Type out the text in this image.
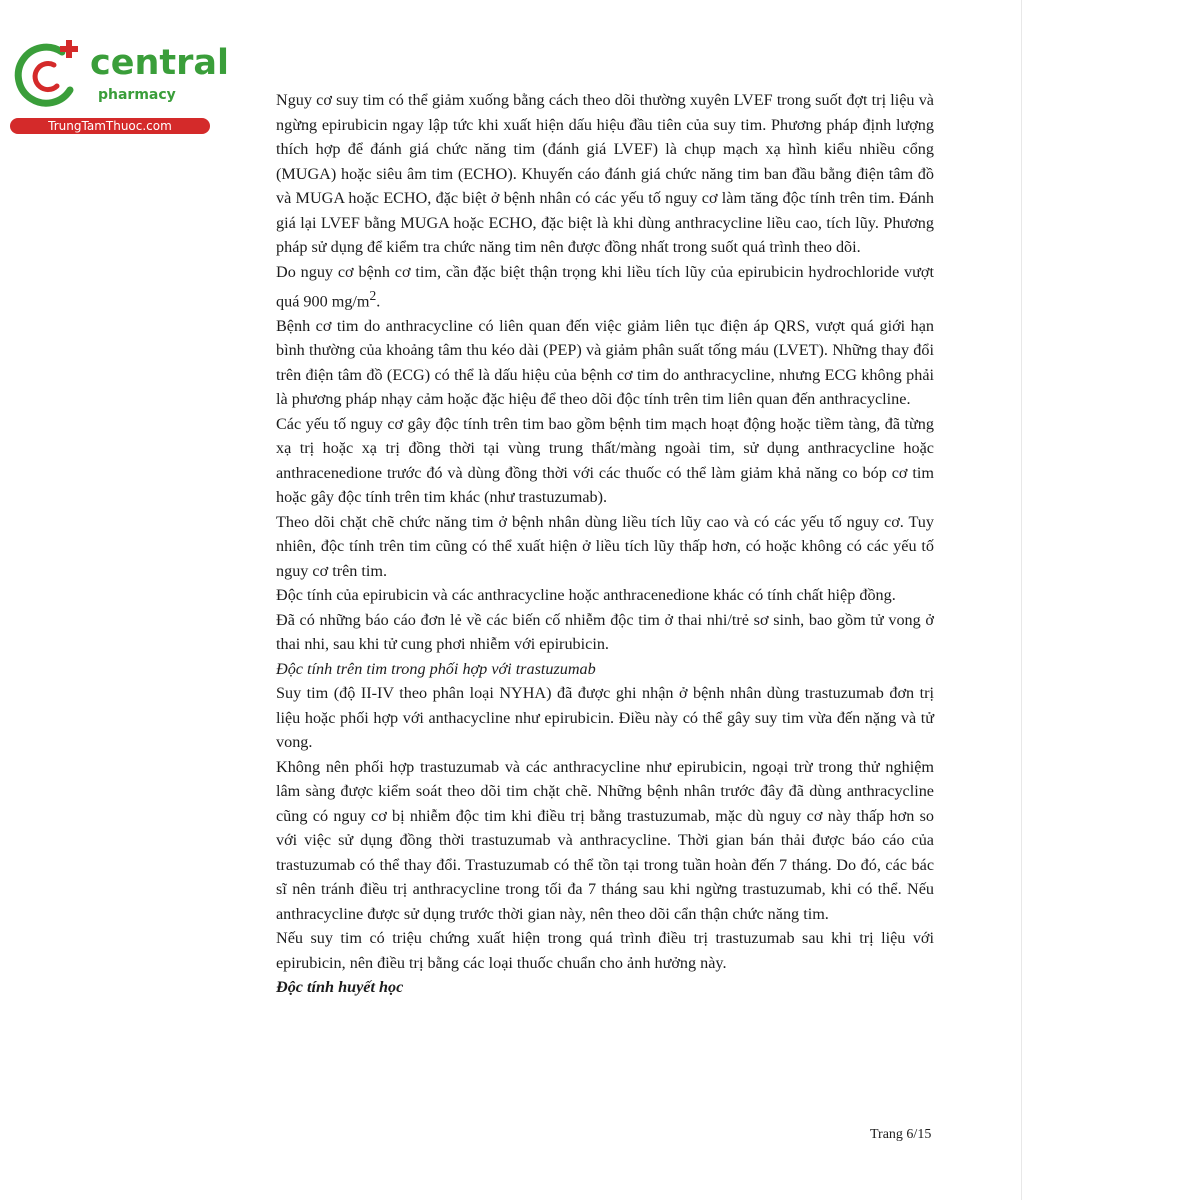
central
pharmacy
TrungTamThuoc.com

Nguy cơ suy tim có thể giảm xuống bằng cách theo dõi thường xuyên LVEF trong suốt đợt trị liệu và ngừng epirubicin ngay lập tức khi xuất hiện dấu hiệu đầu tiên của suy tim. Phương pháp định lượng thích hợp để đánh giá chức năng tim (đánh giá LVEF) là chụp mạch xạ hình kiểu nhiều cổng (MUGA) hoặc siêu âm tim (ECHO). Khuyến cáo đánh giá chức năng tim ban đầu bằng điện tâm đồ và MUGA hoặc ECHO, đặc biệt ở bệnh nhân có các yếu tố nguy cơ làm tăng độc tính trên tim. Đánh giá lại LVEF bằng MUGA hoặc ECHO, đặc biệt là khi dùng anthracycline liều cao, tích lũy. Phương pháp sử dụng để kiểm tra chức năng tim nên được đồng nhất trong suốt quá trình theo dõi.

Do nguy cơ bệnh cơ tim, cần đặc biệt thận trọng khi liều tích lũy của epirubicin hydrochloride vượt quá 900 $mg/m^2$.

Bệnh cơ tim do anthracycline có liên quan đến việc giảm liên tục điện áp QRS, vượt quá giới hạn bình thường của khoảng tâm thu kéo dài (PEP) và giảm phân suất tống máu (LVET). Những thay đổi trên điện tâm đồ (ECG) có thể là dấu hiệu của bệnh cơ tim do anthracycline, nhưng ECG không phải là phương pháp nhạy cảm hoặc đặc hiệu để theo dõi độc tính trên tim liên quan đến anthracycline.

Các yếu tố nguy cơ gây độc tính trên tim bao gồm bệnh tim mạch hoạt động hoặc tiềm tàng, đã từng xạ trị hoặc xạ trị đồng thời tại vùng trung thất/màng ngoài tim, sử dụng anthracycline hoặc anthracenedione trước đó và dùng đồng thời với các thuốc có thể làm giảm khả năng co bóp cơ tim hoặc gây độc tính trên tim khác (như trastuzumab).

Theo dõi chặt chẽ chức năng tim ở bệnh nhân dùng liều tích lũy cao và có các yếu tố nguy cơ. Tuy nhiên, độc tính trên tim cũng có thể xuất hiện ở liều tích lũy thấp hơn, có hoặc không có các yếu tố nguy cơ trên tim.

Độc tính của epirubicin và các anthracycline hoặc anthracenedione khác có tính chất hiệp đồng.

Đã có những báo cáo đơn lẻ về các biến cố nhiễm độc tim ở thai nhi/trẻ sơ sinh, bao gồm tử vong ở thai nhi, sau khi tử cung phơi nhiễm với epirubicin.

Độc tính trên tim trong phối hợp với trastuzumab

Suy tim (độ II-IV theo phân loại NYHA) đã được ghi nhận ở bệnh nhân dùng trastuzumab đơn trị liệu hoặc phối hợp với anthacycline như epirubicin. Điều này có thể gây suy tim vừa đến nặng và tử vong.

Không nên phối hợp trastuzumab và các anthracycline như epirubicin, ngoại trừ trong thử nghiệm lâm sàng được kiểm soát theo dõi tim chặt chẽ. Những bệnh nhân trước đây đã dùng anthracycline cũng có nguy cơ bị nhiễm độc tim khi điều trị bằng trastuzumab, mặc dù nguy cơ này thấp hơn so với việc sử dụng đồng thời trastuzumab và anthracycline. Thời gian bán thải được báo cáo của trastuzumab có thể thay đổi. Trastuzumab có thể tồn tại trong tuần hoàn đến 7 tháng. Do đó, các bác sĩ nên tránh điều trị anthracycline trong tối đa 7 tháng sau khi ngừng trastuzumab, khi có thể. Nếu anthracycline được sử dụng trước thời gian này, nên theo dõi cẩn thận chức năng tim.

Nếu suy tim có triệu chứng xuất hiện trong quá trình điều trị trastuzumab sau khi trị liệu với epirubicin, nên điều trị bằng các loại thuốc chuẩn cho ảnh hưởng này.

Độc tính huyết học

Trang 6/15
